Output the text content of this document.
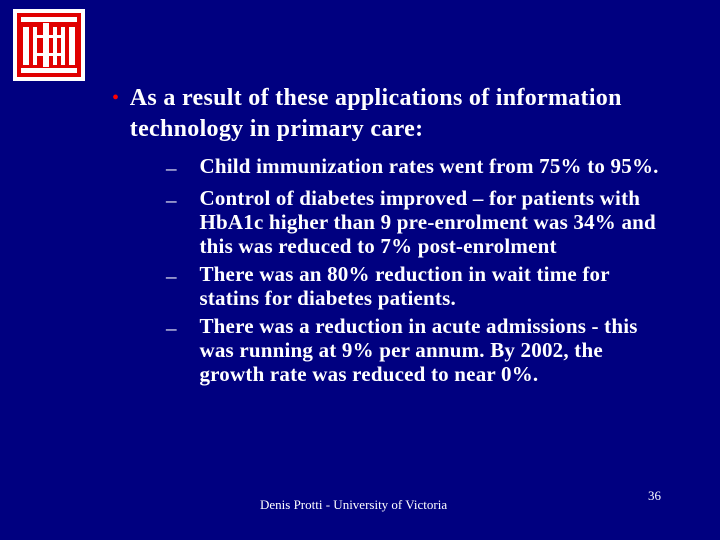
• As a result of these applications of information technology in primary care:
–	Child immunization rates went from 75% to 95%.
–	Control of diabetes improved – for patients with HbA1c higher than 9 pre-enrolment was 34% and this was reduced to 7% post-enrolment
–	There was an 80% reduction in wait time for statins for diabetes patients.
–	There was a reduction in acute admissions - this was running at 9% per annum. By 2002, the growth rate was reduced to near 0%.
Denis Protti - University of Victoria
36
